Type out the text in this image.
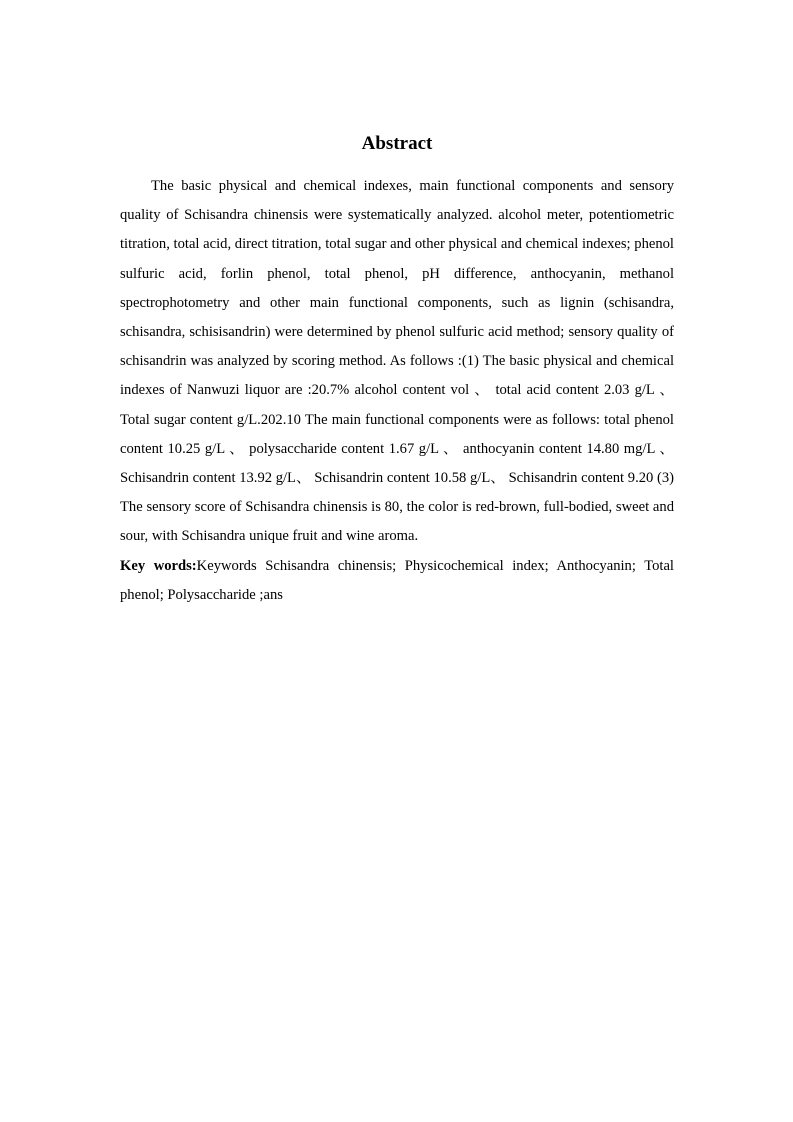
Abstract

The basic physical and chemical indexes, main functional components and sensory quality of Schisandra chinensis were systematically analyzed. alcohol meter, potentiometric titration, total acid, direct titration, total sugar and other physical and chemical indexes; phenol sulfuric acid, forlin phenol, total phenol, pH difference, anthocyanin, methanol spectrophotometry and other main functional components, such as lignin (schisandra, schisandra, schisisandrin) were determined by phenol sulfuric acid method; sensory quality of schisandrin was analyzed by scoring method. As follows :(1) The basic physical and chemical indexes of Nanwuzi liquor are :20.7% alcohol content vol 、 total acid content 2.03 g/L 、 Total sugar content g/L.202.10 The main functional components were as follows: total phenol content 10.25 g/L 、 polysaccharide content 1.67 g/L 、 anthocyanin content 14.80 mg/L 、 Schisandrin content 13.92 g/L、 Schisandrin content 10.58 g/L、 Schisandrin content 9.20 (3) The sensory score of Schisandra chinensis is 80, the color is red-brown, full-bodied, sweet and sour, with Schisandra unique fruit and wine aroma.

Key words:Keywords Schisandra chinensis; Physicochemical index; Anthocyanin; Total phenol; Polysaccharide ;ans
